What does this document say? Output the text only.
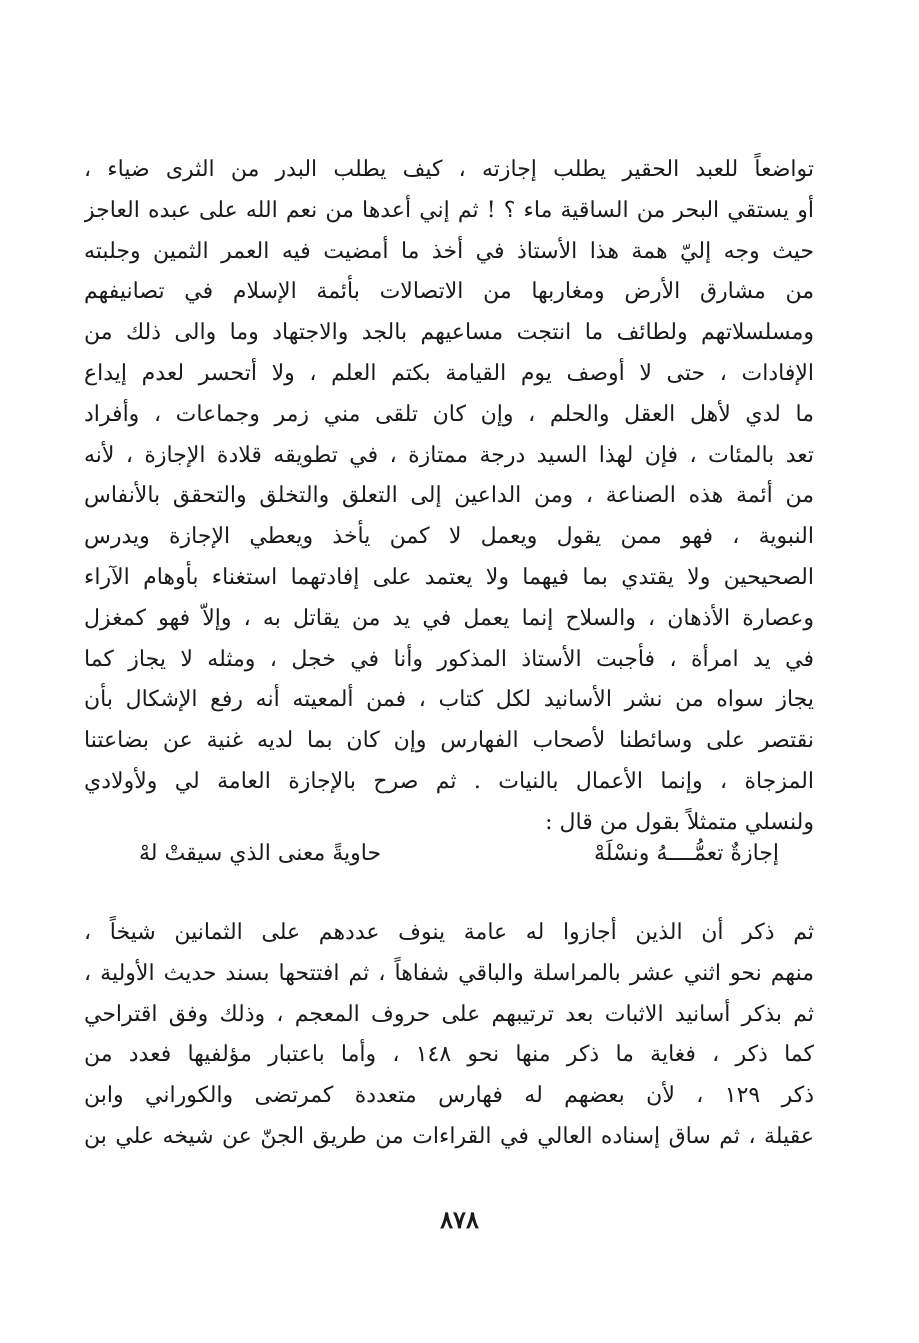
تواضعاً للعبد الحقير يطلب إجازته ، كيف يطلب البدر من الثرى ضياء ،
أو يستقي البحر من الساقية ماء ؟ ! ثم إني أعدها من نعم الله على عبده العاجز
حيث وجه إليّ همة هذا الأستاذ في أخذ ما أمضيت فيه العمر الثمين وجلبته
من مشارق الأرض ومغاربها من الاتصالات بأئمة الإسلام في تصانيفهم
ومسلسلاتهم ولطائف ما انتجت مساعيهم بالجد والاجتهاد وما والى ذلك من
الإفادات ، حتى لا أوصف يوم القيامة بكتم العلم ، ولا أتحسر لعدم إيداع
ما لدي لأهل العقل والحلم ، وإن كان تلقى مني زمر وجماعات ، وأفراد
تعد بالمئات ، فإن لهذا السيد درجة ممتازة ، في تطويقه قلادة الإجازة ، لأنه
من أئمة هذه الصناعة ، ومن الداعين إلى التعلق والتخلق والتحقق بالأنفاس
النبوية ، فهو ممن يقول ويعمل لا كمن يأخذ ويعطي الإجازة ويدرس
الصحيحين ولا يقتدي بما فيهما ولا يعتمد على إفادتهما استغناء بأوهام الآراء
وعصارة الأذهان ، والسلاح إنما يعمل في يد من يقاتل به ، وإلاّ فهو كمغزل
في يد امرأة ، فأجبت الأستاذ المذكور وأنا في خجل ، ومثله لا يجاز كما
يجاز سواه من نشر الأسانيد لكل كتاب ، فمن ألمعيته أنه رفع الإشكال بأن
نقتصر على وسائطنا لأصحاب الفهارس وإن كان بما لديه غنية عن بضاعتنا
المزجاة ، وإنما الأعمال بالنيات . ثم صرح بالإجازة العامة لي ولأولادي
ولنسلي متمثلاً بقول من قال :
إجازةٌ تعمُّــــهُ ونسْلَهْ
حاويةً معنى الذي سيقتْ لهْ
ثم ذكر أن الذين أجازوا له عامة ينوف عددهم على الثمانين شيخاً ،
منهم نحو اثني عشر بالمراسلة والباقي شفاهاً ، ثم افتتحها بسند حديث الأولية ،
ثم بذكر أسانيد الاثبات بعد ترتيبهم على حروف المعجم ، وذلك وفق اقتراحي
كما ذكر ، فغاية ما ذكر منها نحو ١٤٨ ، وأما باعتبار مؤلفيها فعدد من
ذكر ١٢٩ ، لأن بعضهم له فهارس متعددة كمرتضى والكوراني وابن
عقيلة ، ثم ساق إسناده العالي في القراءات من طريق الجنّ عن شيخه علي بن
٨٧٨
